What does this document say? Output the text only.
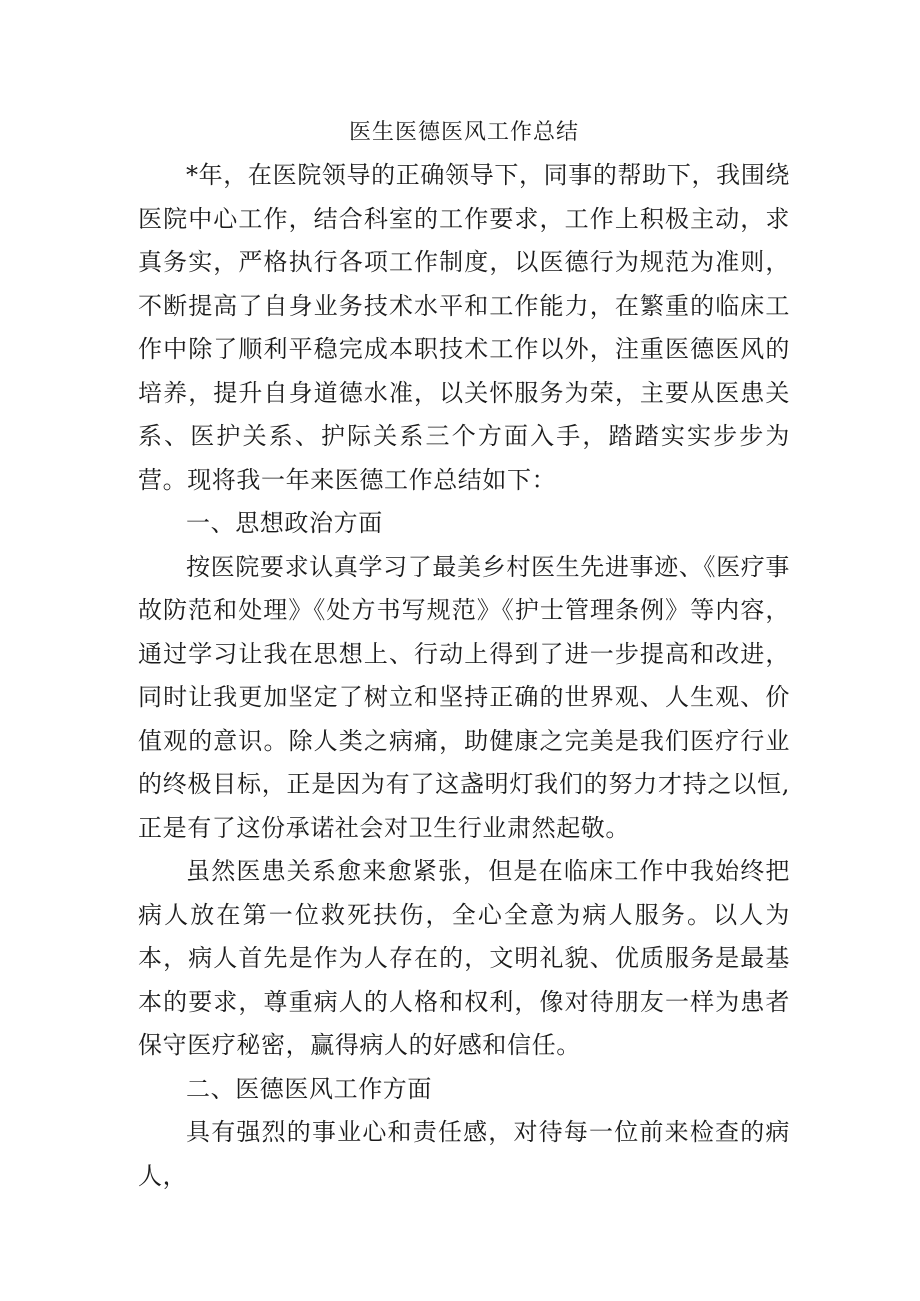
医生医德医风工作总结

*年，在医院领导的正确领导下，同事的帮助下，我围绕医院中心工作，结合科室的工作要求，工作上积极主动，求真务实，严格执行各项工作制度，以医德行为规范为准则，不断提高了自身业务技术水平和工作能力，在繁重的临床工作中除了顺利平稳完成本职技术工作以外，注重医德医风的培养，提升自身道德水准，以关怀服务为荣，主要从医患关系、医护关系、护际关系三个方面入手，踏踏实实步步为营。现将我一年来医德工作总结如下：

一、思想政治方面

按医院要求认真学习了最美乡村医生先进事迹、《医疗事故防范和处理》《处方书写规范》《护士管理条例》等内容，通过学习让我在思想上、行动上得到了进一步提高和改进，同时让我更加坚定了树立和坚持正确的世界观、人生观、价值观的意识。除人类之病痛，助健康之完美是我们医疗行业的终极目标，正是因为有了这盏明灯我们的努力才持之以恒,正是有了这份承诺社会对卫生行业肃然起敬。

虽然医患关系愈来愈紧张，但是在临床工作中我始终把病人放在第一位救死扶伤，全心全意为病人服务。以人为本，病人首先是作为人存在的，文明礼貌、优质服务是最基本的要求，尊重病人的人格和权利，像对待朋友一样为患者保守医疗秘密，赢得病人的好感和信任。

二、医德医风工作方面

具有强烈的事业心和责任感，对待每一位前来检查的病人，
